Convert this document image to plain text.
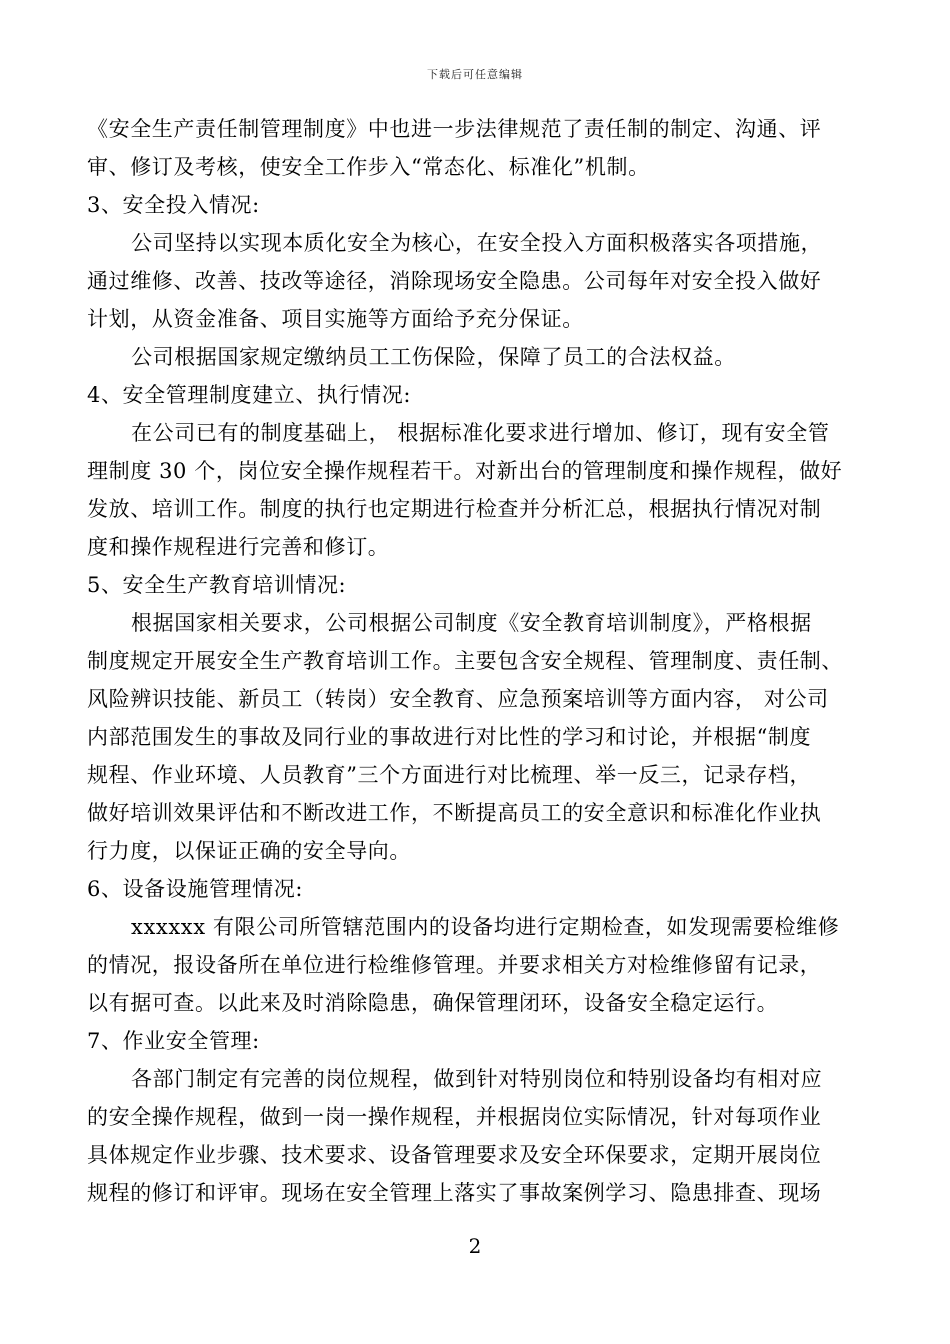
下载后可任意编辑
《安全生产责任制管理制度》中也进一步法律规范了责任制的制定、沟通、评
审、修订及考核，使安全工作步入“常态化、标准化”机制。
3、安全投入情况:
公司坚持以实现本质化安全为核心，在安全投入方面积极落实各项措施，
通过维修、改善、技改等途径，消除现场安全隐患。公司每年对安全投入做好
计划，从资金准备、项目实施等方面给予充分保证。
公司根据国家规定缴纳员工工伤保险，保障了员工的合法权益。
4、安全管理制度建立、执行情况:
在公司已有的制度基础上， 根据标准化要求进行增加、修订，现有安全管
理制度 30 个，岗位安全操作规程若干。对新出台的管理制度和操作规程，做好
发放、培训工作。制度的执行也定期进行检查并分析汇总，根据执行情况对制
度和操作规程进行完善和修订。
5、安全生产教育培训情况:
根据国家相关要求，公司根据公司制度《安全教育培训制度》，严格根据
制度规定开展安全生产教育培训工作。主要包含安全规程、管理制度、责任制、
风险辨识技能、新员工（转岗）安全教育、应急预案培训等方面内容， 对公司
内部范围发生的事故及同行业的事故进行对比性的学习和讨论，并根据“制度
规程、作业环境、人员教育”三个方面进行对比梳理、举一反三，记录存档，
做好培训效果评估和不断改进工作，不断提高员工的安全意识和标准化作业执
行力度，以保证正确的安全导向。
6、设备设施管理情况:
xxxxxx 有限公司所管辖范围内的设备均进行定期检查，如发现需要检维修
的情况，报设备所在单位进行检维修管理。并要求相关方对检维修留有记录，
以有据可查。以此来及时消除隐患，确保管理闭环，设备安全稳定运行。
7、作业安全管理:
各部门制定有完善的岗位规程，做到针对特别岗位和特别设备均有相对应
的安全操作规程，做到一岗一操作规程，并根据岗位实际情况，针对每项作业
具体规定作业步骤、技术要求、设备管理要求及安全环保要求，定期开展岗位
规程的修订和评审。现场在安全管理上落实了事故案例学习、隐患排查、现场
2
